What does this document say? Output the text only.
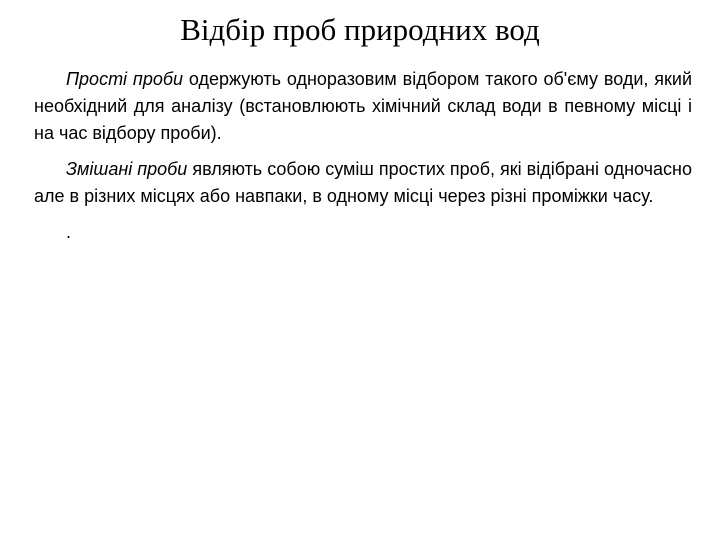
Відбір проб природних вод

Прості проби одержують одноразовим відбором такого об'єму води, який необхідний для аналізу (встановлюють хімічний склад води в певному місці і на час відбору проби).

Змішані проби являють собою суміш простих проб, які відібрані одночасно але в різних місцях або навпаки, в одному місці через різні проміжки часу.

.
